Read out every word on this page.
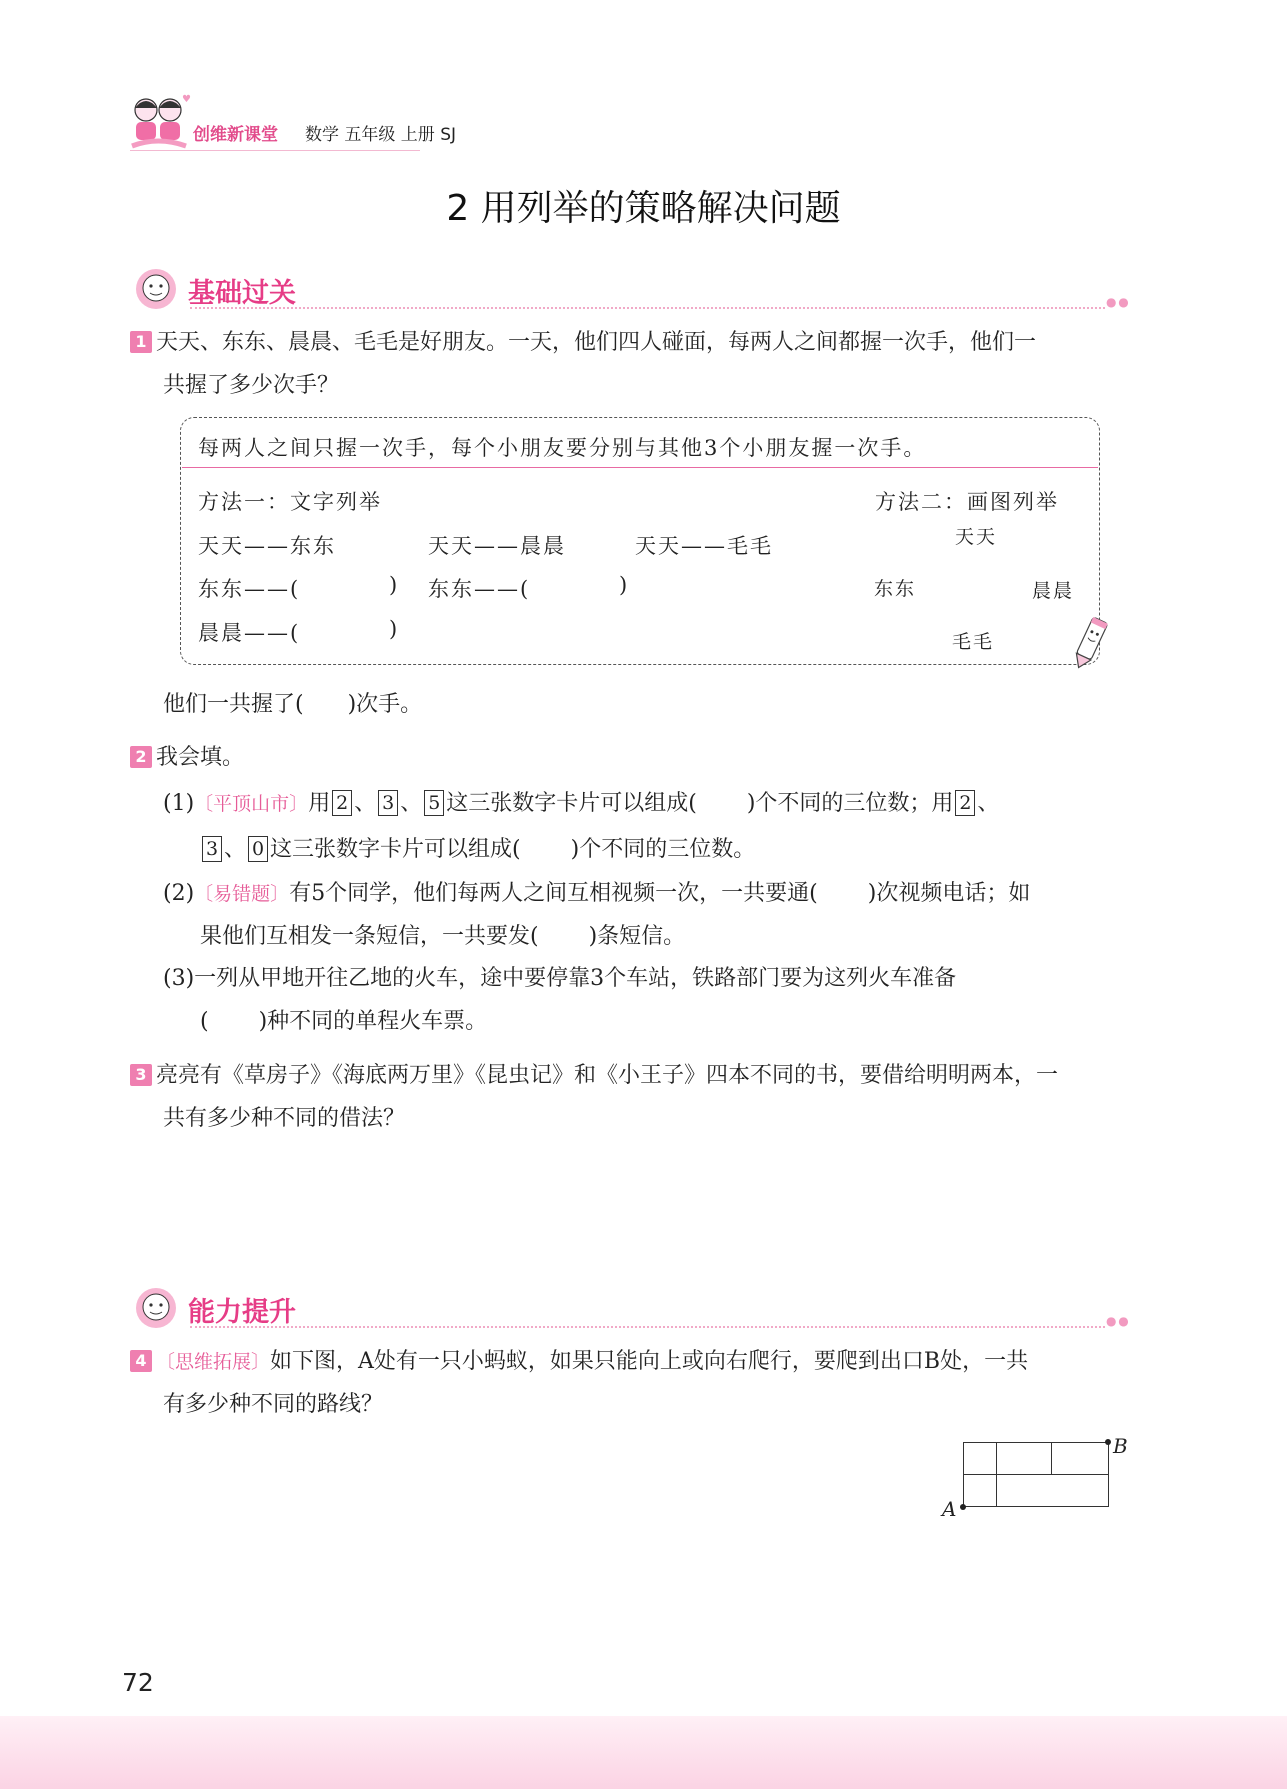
♥
创维新课堂 数学 五年级 上册 SJ
2 用列举的策略解决问题
基础过关	● ●
1 天天、东东、晨晨、毛毛是好朋友。一天，他们四人碰面，每两人之间都握一次手，他们一
共握了多少次手？
每两人之间只握一次手，每个小朋友要分别与其他3个小朋友握一次手。
方法一：文字列举	方法二：画图列举
天天——东东	天天——晨晨	天天——毛毛
东东——(	) 东东——(	)
晨晨——(	)
天天
东东	晨晨
毛毛
他们一共握了( )次手。
2 我会填。
(1)〔平顶山市〕用 2 、 3 、 5 这三张数字卡片可以组成( )个不同的三位数；用 2 、
3 、 0 这三张数字卡片可以组成( )个不同的三位数。
(2)〔易错题〕有5个同学，他们每两人之间互相视频一次，一共要通( )次视频电话；如
果他们互相发一条短信，一共要发( )条短信。
(3)一列从甲地开往乙地的火车，途中要停靠3个车站，铁路部门要为这列火车准备
( )种不同的单程火车票。
3 亮亮有《草房子》《海底两万里》《昆虫记》和《小王子》四本不同的书，要借给明明两本，一
共有多少种不同的借法？
能力提升	● ●
4 〔思维拓展〕如下图，A处有一只小蚂蚁，如果只能向上或向右爬行，要爬到出口B处，一共
有多少种不同的路线？
B
A
72
